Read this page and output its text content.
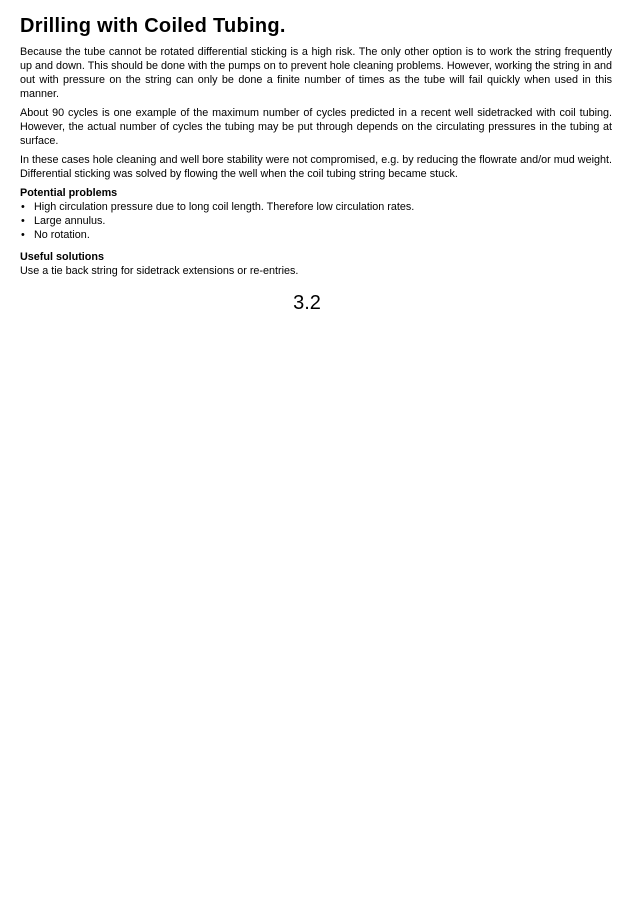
Drilling with Coiled Tubing.

Because the tube cannot be rotated differential sticking is a high risk. The only other option is to work the string frequently up and down. This should be done with the pumps on to prevent hole cleaning problems. However, working the string in and out with pressure on the string can only be done a finite number of times as the tube will fail quickly when used in this manner.

About 90 cycles is one example of the maximum number of cycles predicted in a recent well sidetracked with coil tubing. However, the actual number of cycles the tubing may be put through depends on the circulating pressures in the tubing at surface.

In these cases hole cleaning and well bore stability were not compromised, e.g. by reducing the flowrate and/or mud weight. Differential sticking was solved by flowing the well when the coil tubing string became stuck.

Potential problems
• High circulation pressure due to long coil length. Therefore low circulation rates.
• Large annulus.
• No rotation.
Useful solutions
Use a tie back string for sidetrack extensions or re-entries.
3.2
